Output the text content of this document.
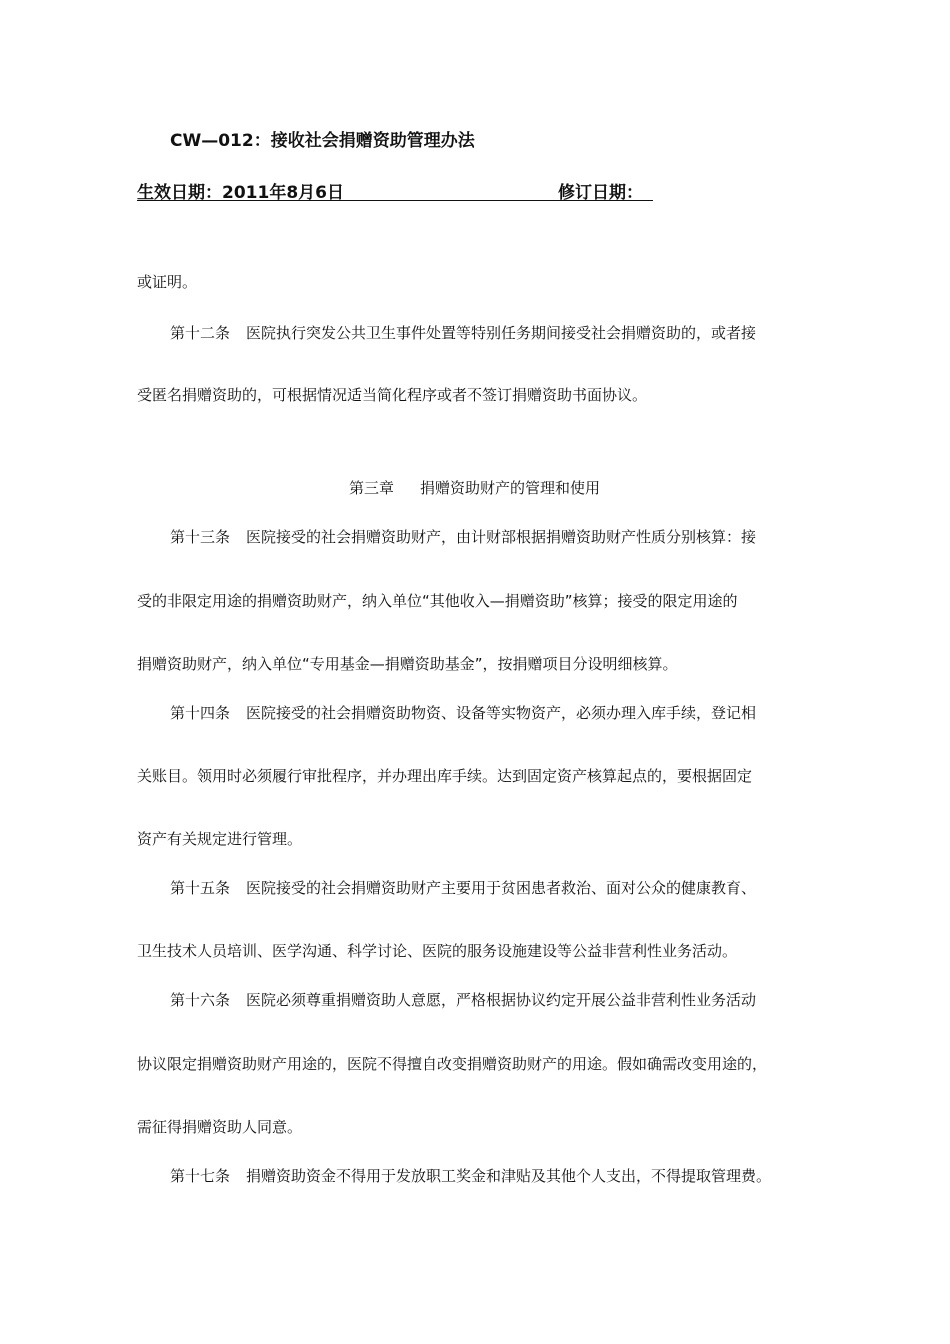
CW—012：接收社会捐赠资助管理办法
生效日期：2011年8月6日	修订日期：
或证明。
第十二条 医院执行突发公共卫生事件处置等特别任务期间接受社会捐赠资助的，或者接
受匿名捐赠资助的，可根据情况适当简化程序或者不签订捐赠资助书面协议。
第三章 捐赠资助财产的管理和使用
第十三条 医院接受的社会捐赠资助财产，由计财部根据捐赠资助财产性质分别核算：接
受的非限定用途的捐赠资助财产，纳入单位“其他收入—捐赠资助”核算；接受的限定用途的
捐赠资助财产，纳入单位“专用基金—捐赠资助基金”，按捐赠项目分设明细核算。
第十四条 医院接受的社会捐赠资助物资、设备等实物资产，必须办理入库手续，登记相
关账目。领用时必须履行审批程序，并办理出库手续。达到固定资产核算起点的，要根据固定
资产有关规定进行管理。
第十五条 医院接受的社会捐赠资助财产主要用于贫困患者救治、面对公众的健康教育、
卫生技术人员培训、医学沟通、科学讨论、医院的服务设施建设等公益非营利性业务活动。
第十六条 医院必须尊重捐赠资助人意愿，严格根据协议约定开展公益非营利性业务活动
协议限定捐赠资助财产用途的，医院不得擅自改变捐赠资助财产的用途。假如确需改变用途的，
需征得捐赠资助人同意。
第十七条 捐赠资助资金不得用于发放职工奖金和津贴及其他个人支出，不得提取管理费。
